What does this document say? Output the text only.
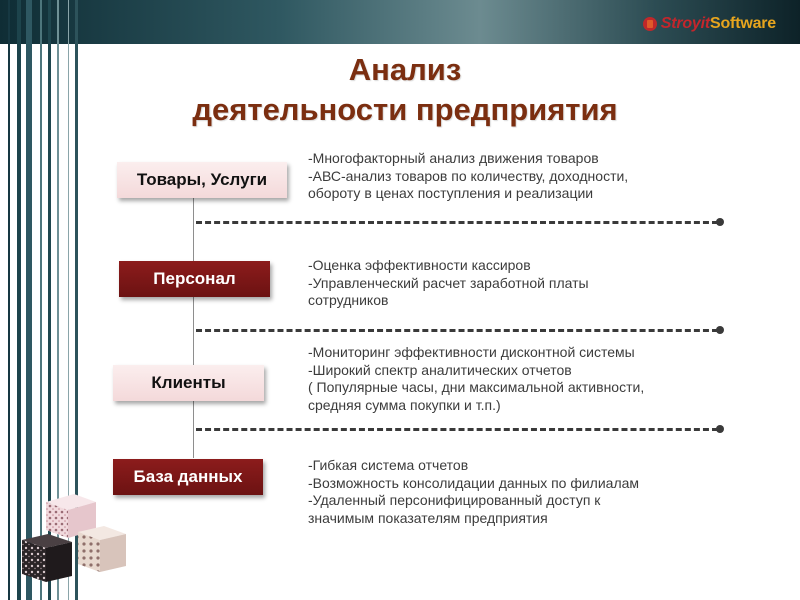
StroyitSoftware
Анализ
деятельности предприятия
Товары, Услуги
Персонал
Клиенты
База данных
-Многофакторный анализ движения товаров
-АВС-анализ товаров по количеству, доходности,
обороту в ценах поступления и реализации
-Оценка эффективности кассиров
-Управленческий расчет заработной платы
сотрудников
-Мониторинг эффективности дисконтной системы
-Широкий спектр аналитических отчетов
( Популярные часы, дни максимальной активности,
средняя сумма покупки и т.п.)
-Гибкая система отчетов
-Возможность консолидации данных по филиалам
-Удаленный персонифицированный доступ к
значимым показателям предприятия
